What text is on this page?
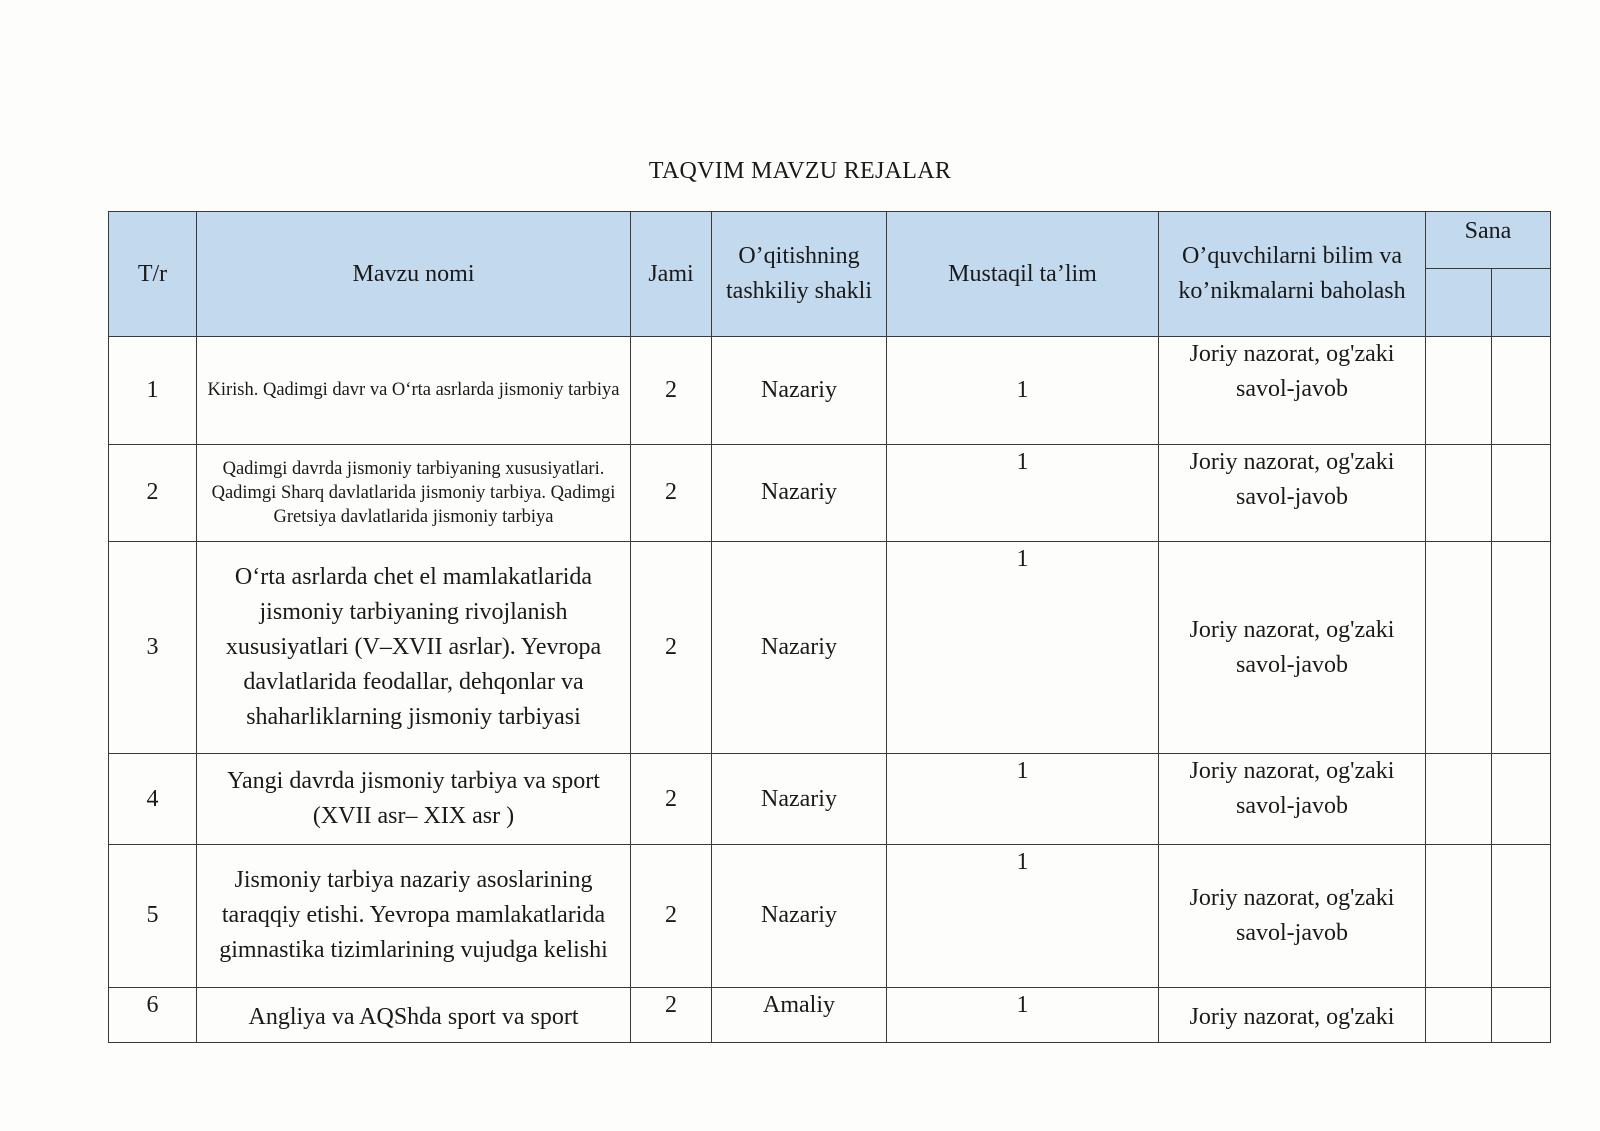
TAQVIM MAVZU REJALAR
T/r	Mavzu nomi	Jami	O’qitishning tashkiliy shakli	Mustaqil ta’lim	O’quvchilarni bilim va ko’nikmalarni baholash	Sana	

1	Kirish. Qadimgi davr va O‘rta asrlarda jismoniy tarbiya	2	Nazariy	1	Joriy nazorat, og'zaki savol-javob		
2	Qadimgi davrda jismoniy tarbiyaning xususiyatlari. Qadimgi Sharq davlatlarida jismoniy tarbiya. Qadimgi Gretsiya davlatlarida jismoniy tarbiya	2	Nazariy	1	Joriy nazorat, og'zaki savol-javob		
3	O‘rta asrlarda chet el mamlakatlarida jismoniy tarbiyaning rivojlanish xususiyatlari (V–XVII asrlar). Yevropa davlatlarida feodallar, dehqonlar va shaharliklarning jismoniy tarbiyasi	2	Nazariy	1	Joriy nazorat, og'zaki savol-javob		
4	Yangi davrda jismoniy tarbiya va sport (XVII asr– XIX asr )	2	Nazariy	1	Joriy nazorat, og'zaki savol-javob		
5	Jismoniy tarbiya nazariy asoslarining taraqqiy etishi. Yevropa mamlakatlarida gimnastika tizimlarining vujudga kelishi	2	Nazariy	1	Joriy nazorat, og'zaki savol-javob		
6	Angliya va AQShda sport va sport	2	Amaliy	1	Joriy nazorat, og'zaki		
